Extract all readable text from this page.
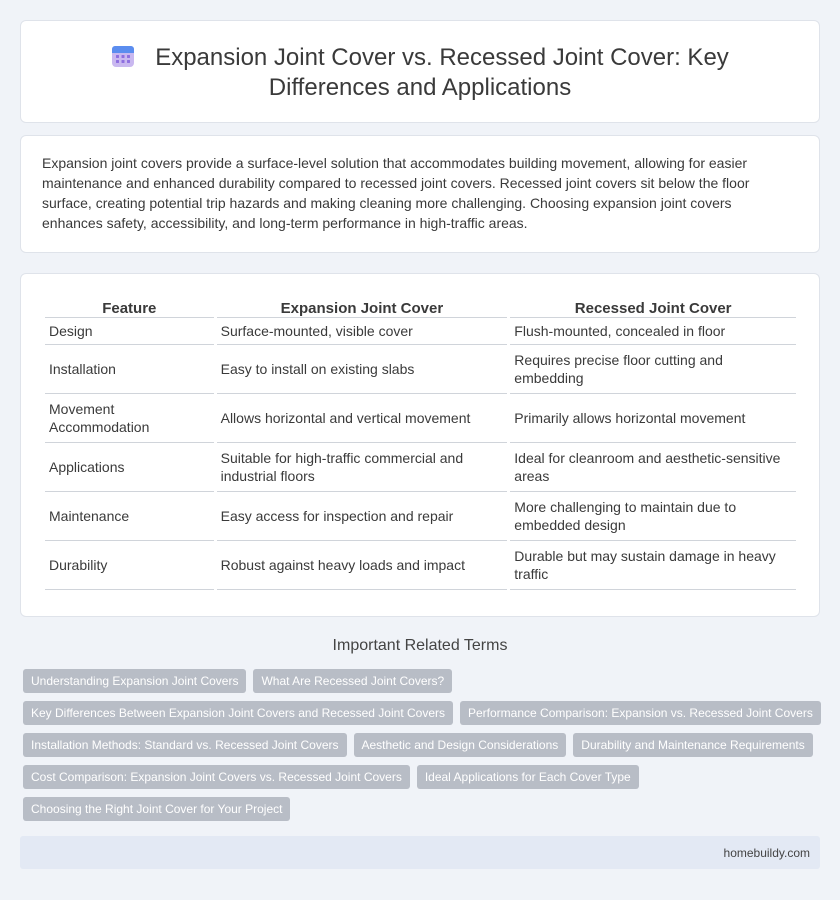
Expansion Joint Cover vs. Recessed Joint Cover: Key Differences and Applications

Expansion joint covers provide a surface-level solution that accommodates building movement, allowing for easier maintenance and enhanced durability compared to recessed joint covers. Recessed joint covers sit below the floor surface, creating potential trip hazards and making cleaning more challenging. Choosing expansion joint covers enhances safety, accessibility, and long-term performance in high-traffic areas.

Feature	Expansion Joint Cover	Recessed Joint Cover
Design	Surface-mounted, visible cover	Flush-mounted, concealed in floor
Installation	Easy to install on existing slabs	Requires precise floor cutting and embedding
Movement Accommodation	Allows horizontal and vertical movement	Primarily allows horizontal movement
Applications	Suitable for high-traffic commercial and industrial floors	Ideal for cleanroom and aesthetic-sensitive areas
Maintenance	Easy access for inspection and repair	More challenging to maintain due to embedded design
Durability	Robust against heavy loads and impact	Durable but may sustain damage in heavy traffic
Important Related Terms
Understanding Expansion Joint Covers	What Are Recessed Joint Covers?
Key Differences Between Expansion Joint Covers and Recessed Joint Covers	Performance Comparison: Expansion vs. Recessed Joint Covers
Installation Methods: Standard vs. Recessed Joint Covers	Aesthetic and Design Considerations	Durability and Maintenance Requirements
Cost Comparison: Expansion Joint Covers vs. Recessed Joint Covers	Ideal Applications for Each Cover Type
Choosing the Right Joint Cover for Your Project
homebuildy.com
